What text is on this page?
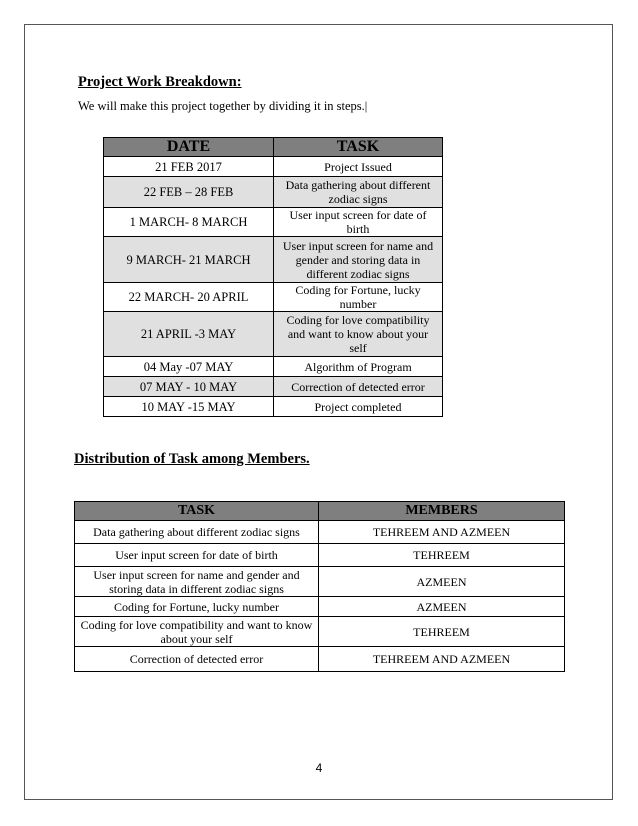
Project Work Breakdown:
We will make this project together by dividing it in steps.|
DATE	TASK
21 FEB 2017	Project Issued
22 FEB – 28 FEB	Data gathering about different zodiac signs
1 MARCH- 8 MARCH	User input screen for date of birth
9 MARCH- 21 MARCH	User input screen for name and gender and storing data in different zodiac signs
22 MARCH- 20 APRIL	Coding for Fortune, lucky number
21 APRIL -3 MAY	Coding for love compatibility and want to know about your self
04 May -07 MAY	Algorithm of Program
07 MAY - 10 MAY	Correction of detected error
10 MAY -15 MAY	Project completed
Distribution of Task among Members.
TASK	MEMBERS
Data gathering about different zodiac signs	TEHREEM AND AZMEEN
User input screen for date of birth	TEHREEM
User input screen for name and gender and storing data in different zodiac signs	AZMEEN
Coding for Fortune, lucky number	AZMEEN
Coding for love compatibility and want to know about your self	TEHREEM
Correction of detected error	TEHREEM AND AZMEEN
4
